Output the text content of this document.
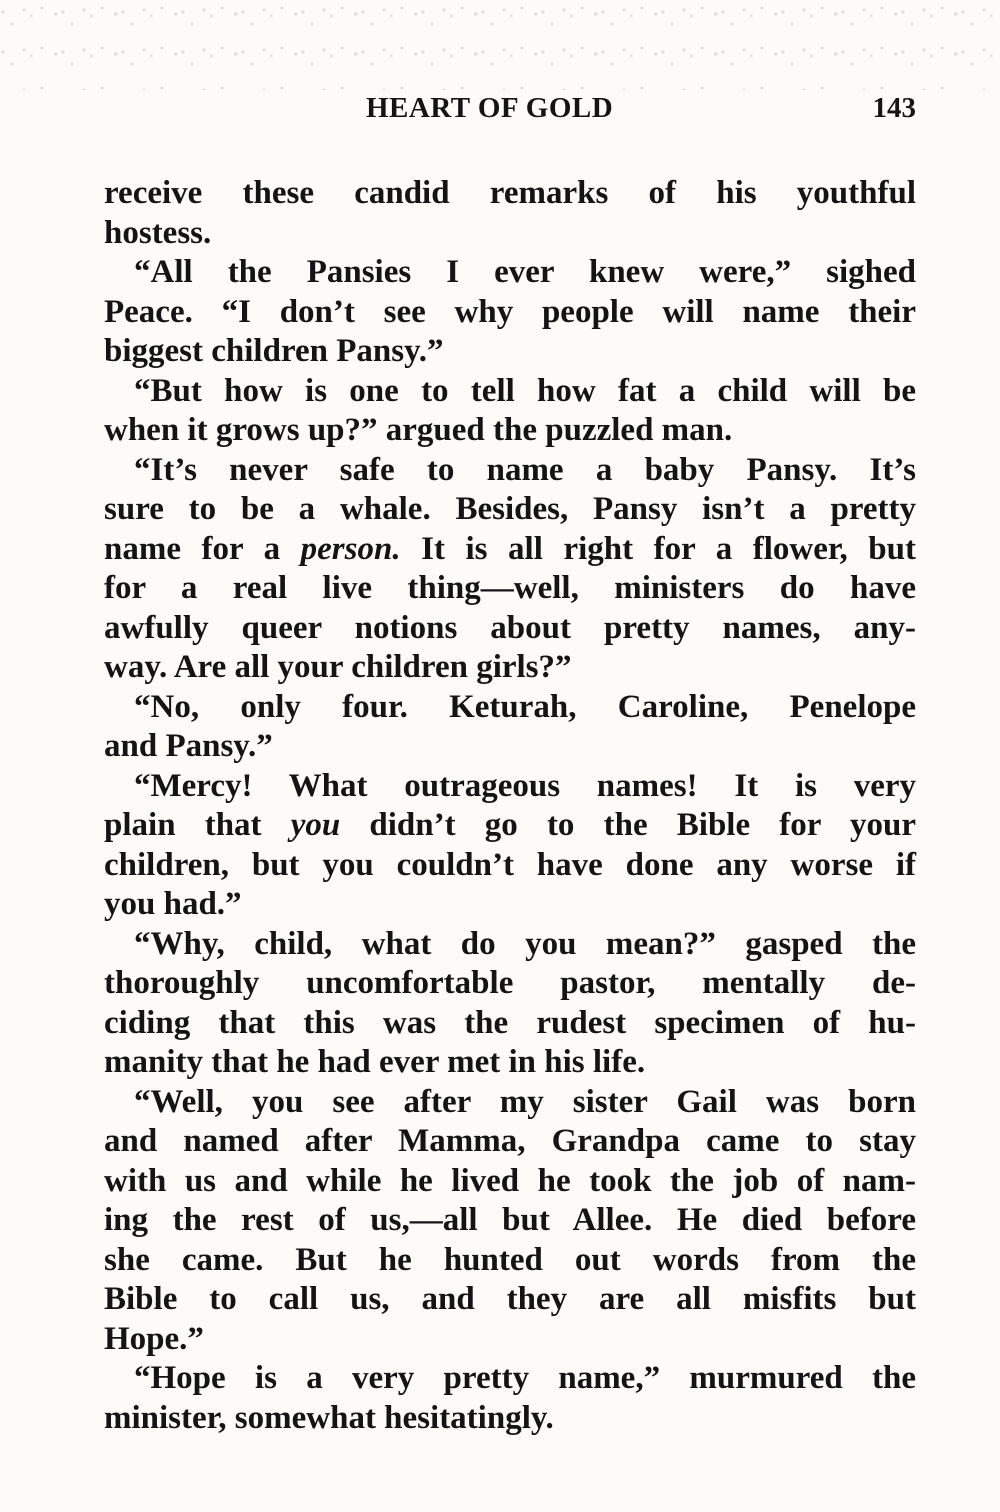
HEART OF GOLD	143
receive these candid remarks of his youthful
hostess.
“All the Pansies I ever knew were,” sighed
Peace. “I don’t see why people will name their
biggest children Pansy.”
“But how is one to tell how fat a child will be
when it grows up?” argued the puzzled man.
“It’s never safe to name a baby Pansy. It’s
sure to be a whale. Besides, Pansy isn’t a pretty
name for a person. It is all right for a flower, but
for a real live thing—well, ministers do have
awfully queer notions about pretty names, any-
way. Are all your children girls?”
“No, only four. Keturah, Caroline, Penelope
and Pansy.”
“Mercy! What outrageous names! It is very
plain that you didn’t go to the Bible for your
children, but you couldn’t have done any worse if
you had.”
“Why, child, what do you mean?” gasped the
thoroughly uncomfortable pastor, mentally de-
ciding that this was the rudest specimen of hu-
manity that he had ever met in his life.
“Well, you see after my sister Gail was born
and named after Mamma, Grandpa came to stay
with us and while he lived he took the job of nam-
ing the rest of us,—all but Allee. He died before
she came. But he hunted out words from the
Bible to call us, and they are all misfits but
Hope.”
“Hope is a very pretty name,” murmured the
minister, somewhat hesitatingly.
